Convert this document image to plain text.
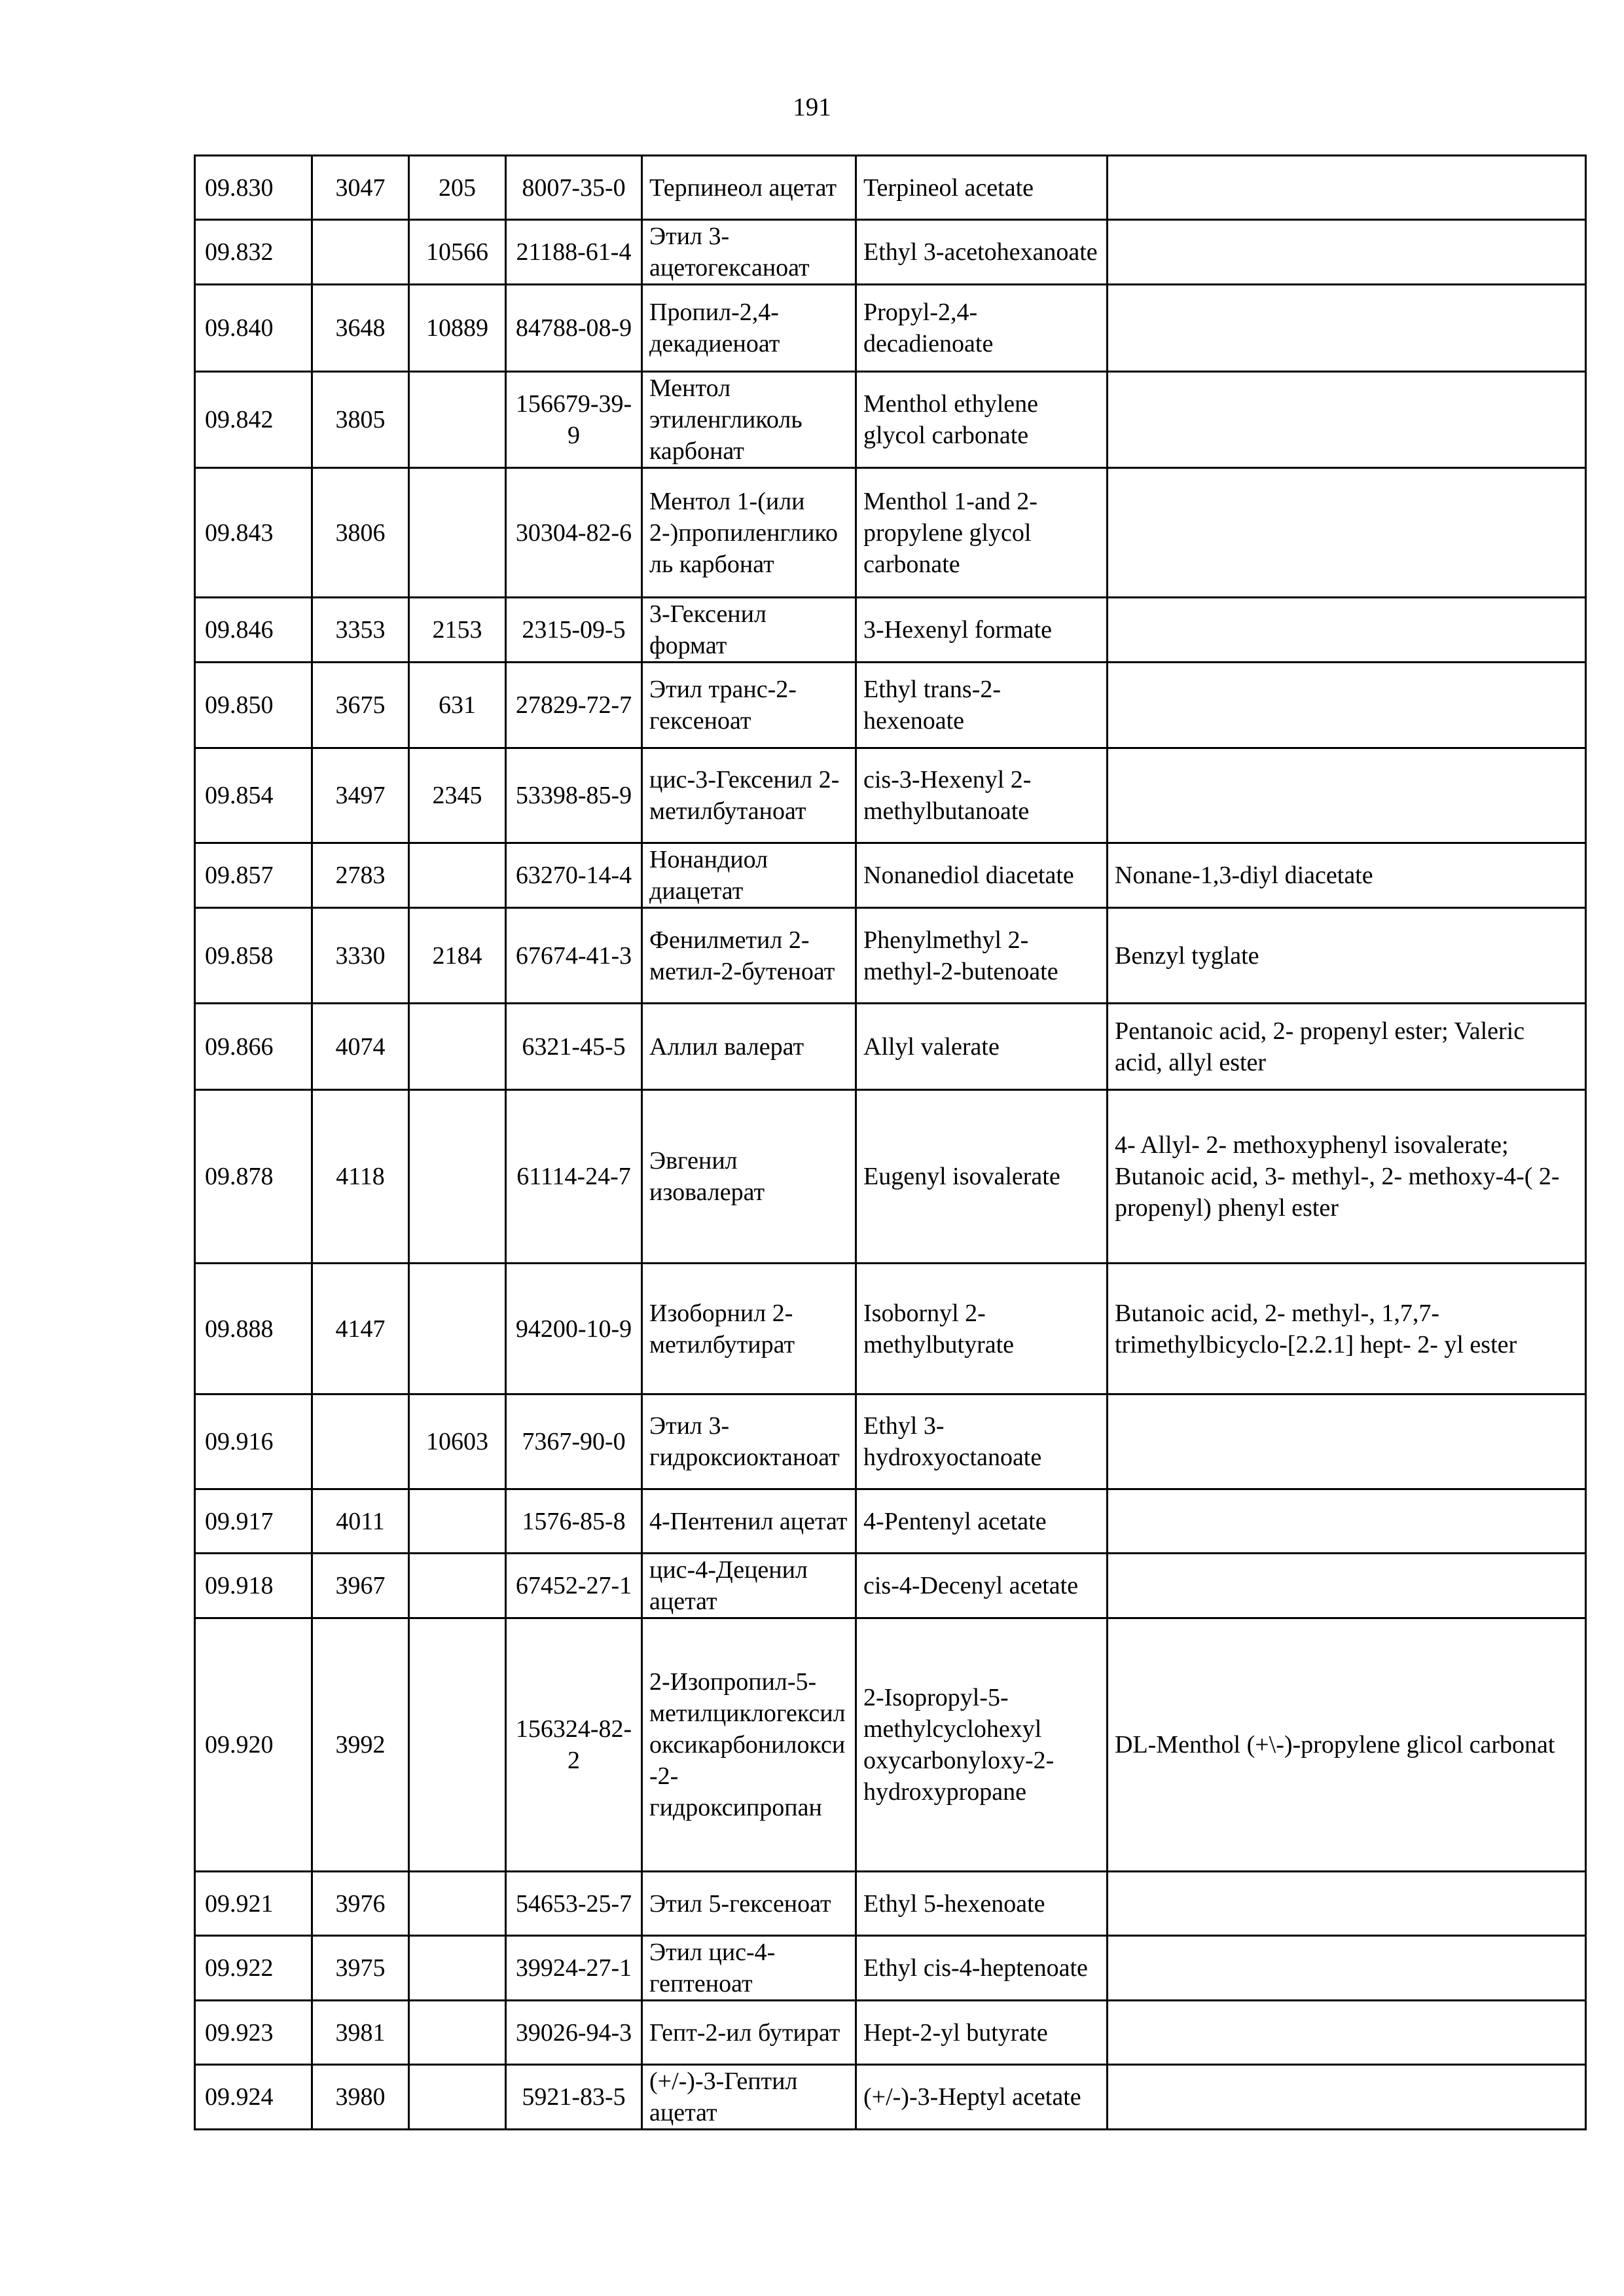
191
09.830	3047	205	8007-35-0	Терпинеол ацетат	Terpineol acetate	
09.832		10566	21188-61-4	Этил 3-ацетогексаноат	Ethyl 3-acetohexanoate	
09.840	3648	10889	84788-08-9	Пропил-2,4-декадиеноат	Propyl-2,4-decadienoate	
09.842	3805		156679-39-9	Ментол этиленгликоль карбонат	Menthol ethylene glycol carbonate	
09.843	3806		30304-82-6	Ментол 1-(или 2-)пропиленгликоль карбонат	Menthol 1-and 2-propylene glycol carbonate	
09.846	3353	2153	2315-09-5	3-Гексенил формат	3-Hexenyl formate	
09.850	3675	631	27829-72-7	Этил транс-2-гексеноат	Ethyl trans-2-hexenoate	
09.854	3497	2345	53398-85-9	цис-3-Гексенил 2-метилбутаноат	cis-3-Hexenyl 2-methylbutanoate	
09.857	2783		63270-14-4	Нонандиол диацетат	Nonanediol diacetate	Nonane-1,3-diyl diacetate
09.858	3330	2184	67674-41-3	Фенилметил 2-метил-2-бутеноат	Phenylmethyl 2-methyl-2-butenoate	Benzyl tyglate
09.866	4074		6321-45-5	Аллил валерат	Allyl valerate	Pentanoic acid, 2- propenyl ester; Valeric acid, allyl ester
09.878	4118		61114-24-7	Эвгенил изовалерат	Eugenyl isovalerate	4- Allyl- 2- methoxyphenyl isovalerate; Butanoic acid, 3- methyl-, 2- methoxy-4-( 2-propenyl) phenyl ester
09.888	4147		94200-10-9	Изоборнил 2-метилбутират	Isobornyl 2-methylbutyrate	Butanoic acid, 2- methyl-, 1,7,7-trimethylbicyclo-[2.2.1] hept- 2- yl ester
09.916		10603	7367-90-0	Этил 3-гидроксиоктаноат	Ethyl 3-hydroxyoctanoate	
09.917	4011		1576-85-8	4-Пентенил ацетат	4-Pentenyl acetate	
09.918	3967		67452-27-1	цис-4-Деценил ацетат	cis-4-Decenyl acetate	
09.920	3992		156324-82-2	2-Изопропил-5-метилциклогексил оксикарбонилокси-2-гидроксипропан	2-Isopropyl-5-methylcyclohexyl oxycarbonyloxy-2-hydroxypropane	DL-Menthol (+\-)-propylene glicol carbonat
09.921	3976		54653-25-7	Этил 5-гексеноат	Ethyl 5-hexenoate	
09.922	3975		39924-27-1	Этил цис-4-гептеноат	Ethyl cis-4-heptenoate	
09.923	3981		39026-94-3	Гепт-2-ил бутират	Hept-2-yl butyrate	
09.924	3980		5921-83-5	(+/-)-3-Гептил ацетат	(+/-)-3-Heptyl acetate	
